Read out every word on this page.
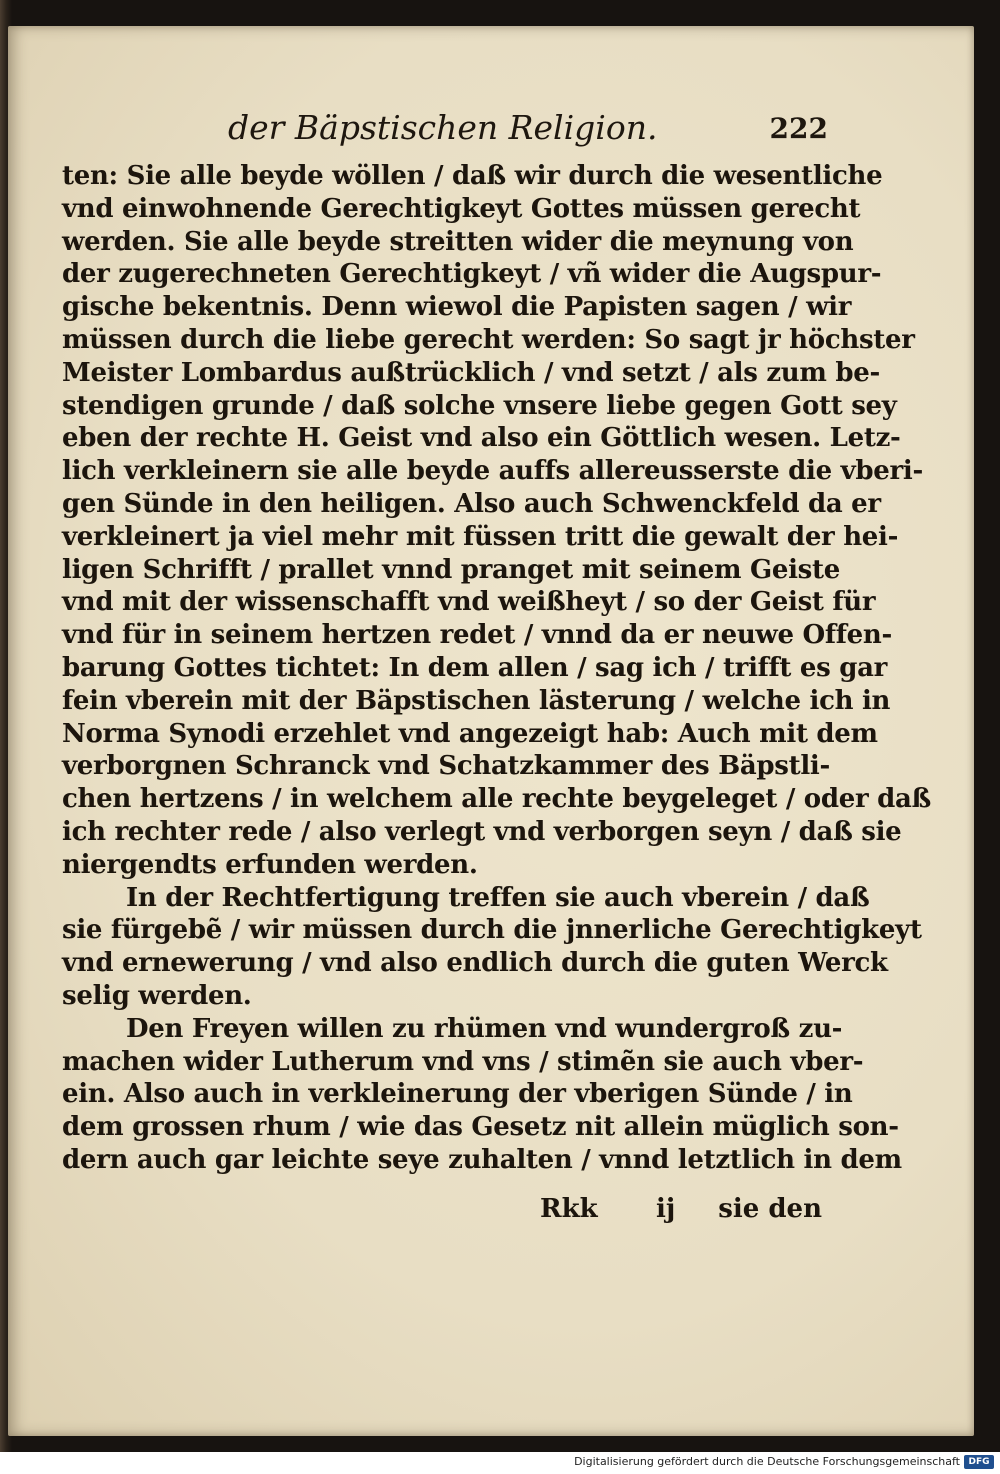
der Bäpstischen Religion.	222
ten: Sie alle beyde wöllen / daß wir durch die wesentliche
vnd einwohnende Gerechtigkeyt Gottes müssen gerecht
werden. Sie alle beyde streitten wider die meynung von
der zugerechneten Gerechtigkeyt / vñ wider die Augspur-
gische bekentnis. Denn wiewol die Papisten sagen / wir
müssen durch die liebe gerecht werden: So sagt jr höchster
Meister Lombardus außtrücklich / vnd setzt / als zum be-
stendigen grunde / daß solche vnsere liebe gegen Gott sey
eben der rechte H. Geist vnd also ein Göttlich wesen. Letz-
lich verkleinern sie alle beyde auffs allereusserste die vberi-
gen Sünde in den heiligen. Also auch Schwenckfeld da er
verkleinert ja viel mehr mit füssen tritt die gewalt der hei-
ligen Schrifft / prallet vnnd pranget mit seinem Geiste
vnd mit der wissenschafft vnd weißheyt / so der Geist für
vnd für in seinem hertzen redet / vnnd da er neuwe Offen-
barung Gottes tichtet: In dem allen / sag ich / trifft es gar
fein vberein mit der Bäpstischen lästerung / welche ich in
Norma Synodi erzehlet vnd angezeigt hab: Auch mit dem
verborgnen Schranck vnd Schatzkammer des Bäpstli-
chen hertzens / in welchem alle rechte beygeleget / oder daß
ich rechter rede / also verlegt vnd verborgen seyn / daß sie
niergendts erfunden werden.
In der Rechtfertigung treffen sie auch vberein / daß
sie fürgebẽ / wir müssen durch die jnnerliche Gerechtigkeyt
vnd ernewerung / vnd also endlich durch die guten Werck
selig werden.
Den Freyen willen zu rhümen vnd wundergroß zu-
machen wider Lutherum vnd vns / stimẽn sie auch vber-
ein. Also auch in verkleinerung der vberigen Sünde / in
dem grossen rhum / wie das Gesetz nit allein müglich son-
dern auch gar leichte seye zuhalten / vnnd letztlich in dem
Rkk ij sie den
Digitalisierung gefördert durch die Deutsche Forschungsgemeinschaft DFG
